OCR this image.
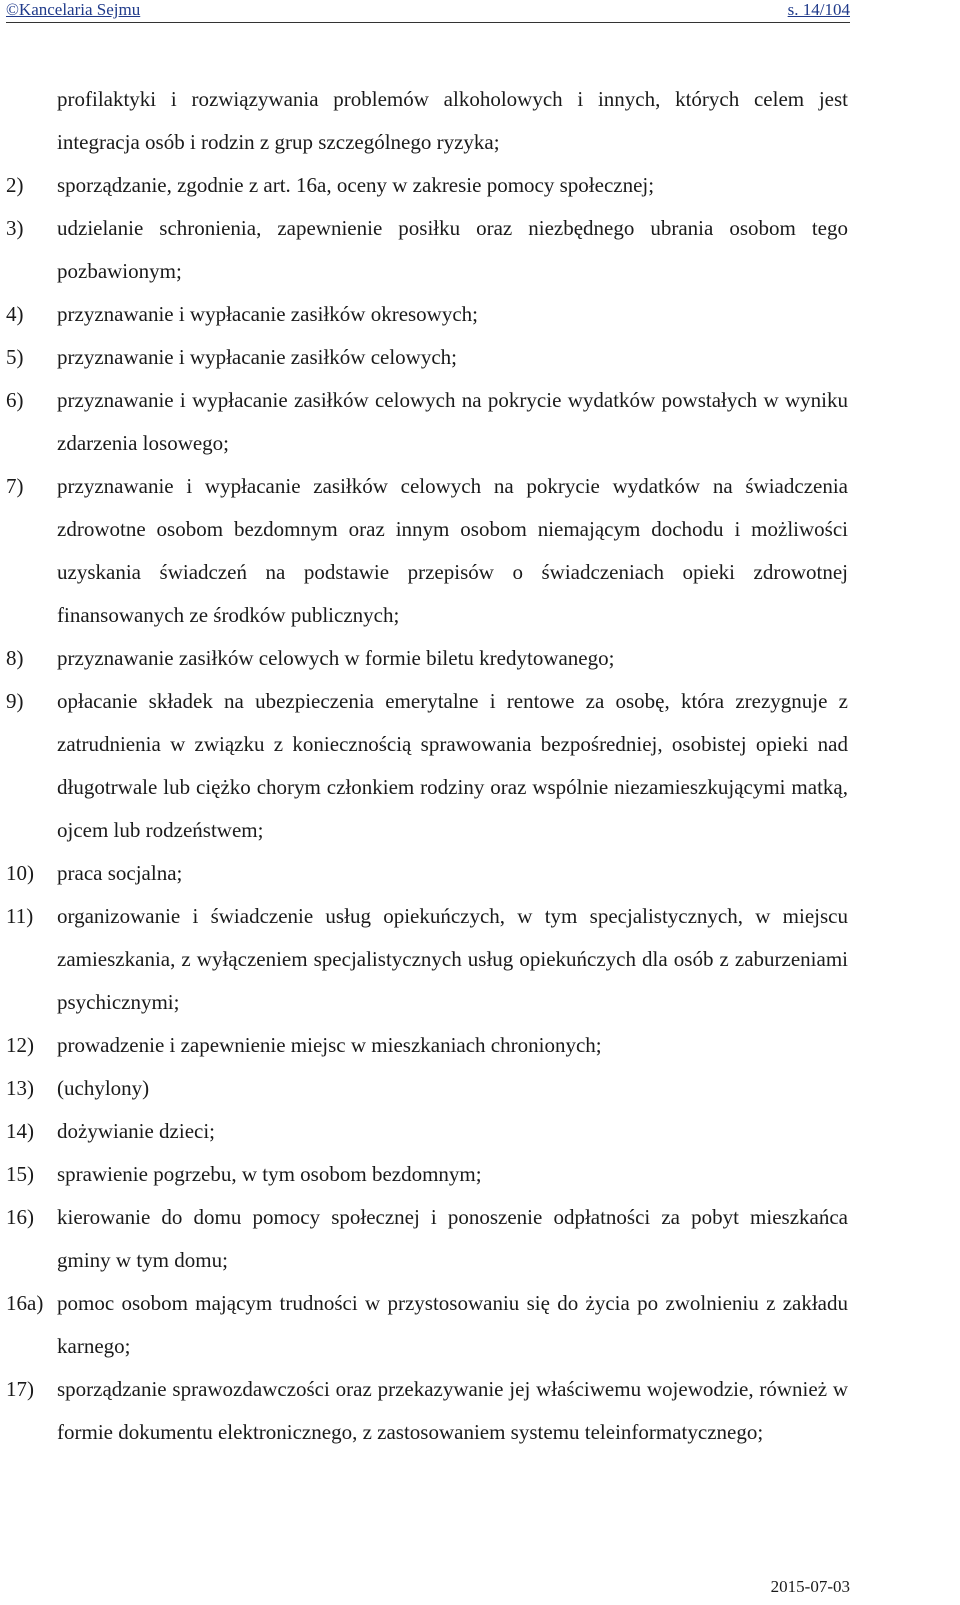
©Kancelaria Sejmu	s. 14/104

profilaktyki i rozwiązywania problemów alkoholowych i innych, których celem jest integracja osób i rodzin z grup szczególnego ryzyka;

2)	sporządzanie, zgodnie z art. 16a, oceny w zakresie pomocy społecznej;
3)	udzielanie schronienia, zapewnienie posiłku oraz niezbędnego ubrania osobom tego pozbawionym;
4)	przyznawanie i wypłacanie zasiłków okresowych;
5)	przyznawanie i wypłacanie zasiłków celowych;
6)	przyznawanie i wypłacanie zasiłków celowych na pokrycie wydatków powstałych w wyniku zdarzenia losowego;
7)	przyznawanie i wypłacanie zasiłków celowych na pokrycie wydatków na świadczenia zdrowotne osobom bezdomnym oraz innym osobom niemającym dochodu i możliwości uzyskania świadczeń na podstawie przepisów o świadczeniach opieki zdrowotnej finansowanych ze środków publicznych;
8)	przyznawanie zasiłków celowych w formie biletu kredytowanego;
9)	opłacanie składek na ubezpieczenia emerytalne i rentowe za osobę, która zrezygnuje z zatrudnienia w związku z koniecznością sprawowania bezpośredniej, osobistej opieki nad długotrwale lub ciężko chorym członkiem rodziny oraz wspólnie niezamieszkującymi matką, ojcem lub rodzeństwem;
10)	praca socjalna;
11)	organizowanie i świadczenie usług opiekuńczych, w tym specjalistycznych, w miejscu zamieszkania, z wyłączeniem specjalistycznych usług opiekuńczych dla osób z zaburzeniami psychicznymi;
12)	prowadzenie i zapewnienie miejsc w mieszkaniach chronionych;
13)	(uchylony)
14)	dożywianie dzieci;
15)	sprawienie pogrzebu, w tym osobom bezdomnym;
16)	kierowanie do domu pomocy społecznej i ponoszenie odpłatności za pobyt mieszkańca gminy w tym domu;
16a) pomoc osobom mającym trudności w przystosowaniu się do życia po zwolnieniu z zakładu karnego;
17)	sporządzanie sprawozdawczości oraz przekazywanie jej właściwemu wojewodzie, również w formie dokumentu elektronicznego, z zastosowaniem systemu teleinformatycznego;
2015-07-03
